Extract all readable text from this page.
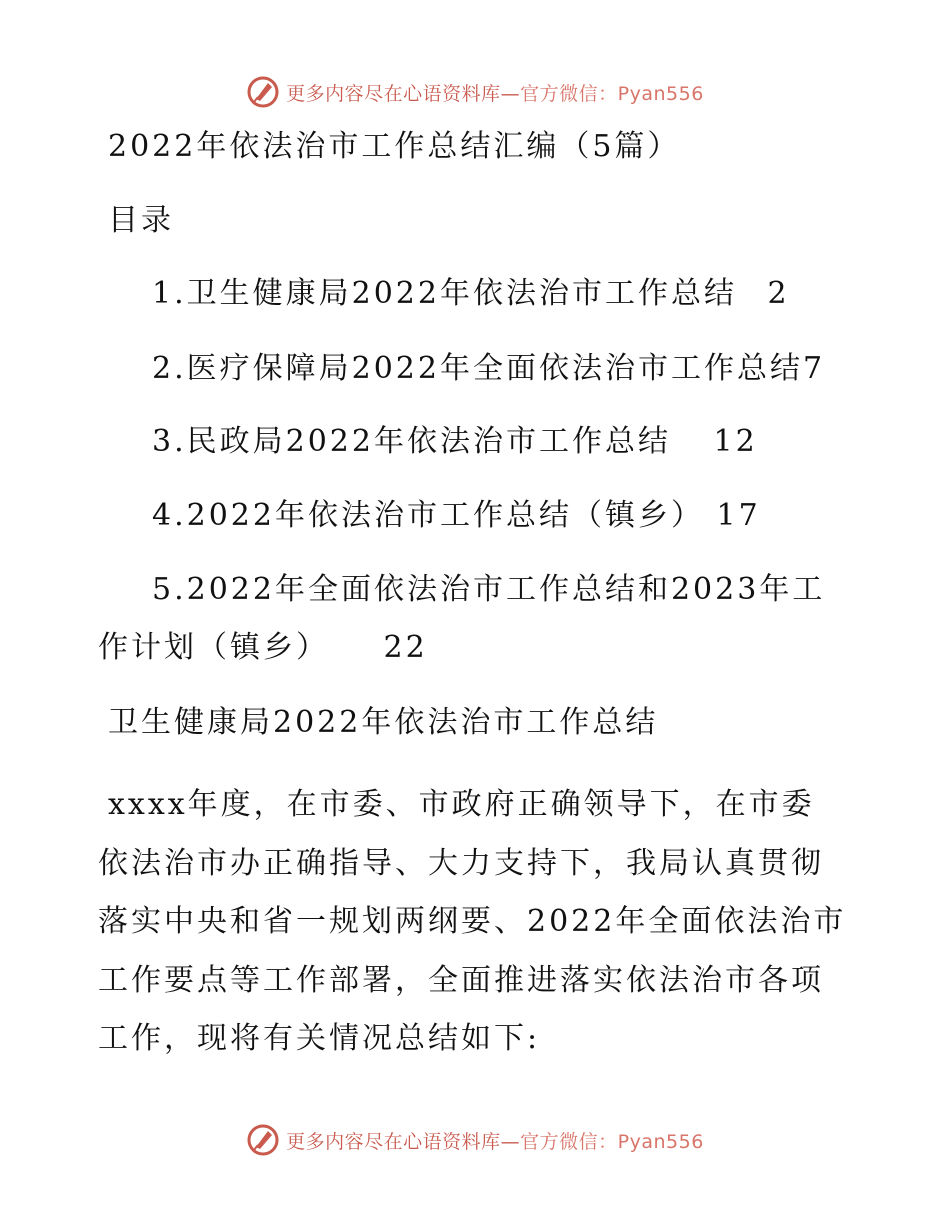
更多内容尽在心语资料库—官方微信：Pyan556
2022年依法治市工作总结汇编（5篇）
目录
1.卫生健康局2022年依法治市工作总结 2
2.医疗保障局2022年全面依法治市工作总结7
3.民政局2022年依法治市工作总结 12
4.2022年依法治市工作总结（镇乡） 17
5.2022年全面依法治市工作总结和2023年工
作计划（镇乡） 22
卫生健康局2022年依法治市工作总结
xxxx年度，在市委、市政府正确领导下，在市委
依法治市办正确指导、大力支持下，我局认真贯彻
落实中央和省一规划两纲要、2022年全面依法治市
工作要点等工作部署，全面推进落实依法治市各项
工作，现将有关情况总结如下:
更多内容尽在心语资料库—官方微信：Pyan556
